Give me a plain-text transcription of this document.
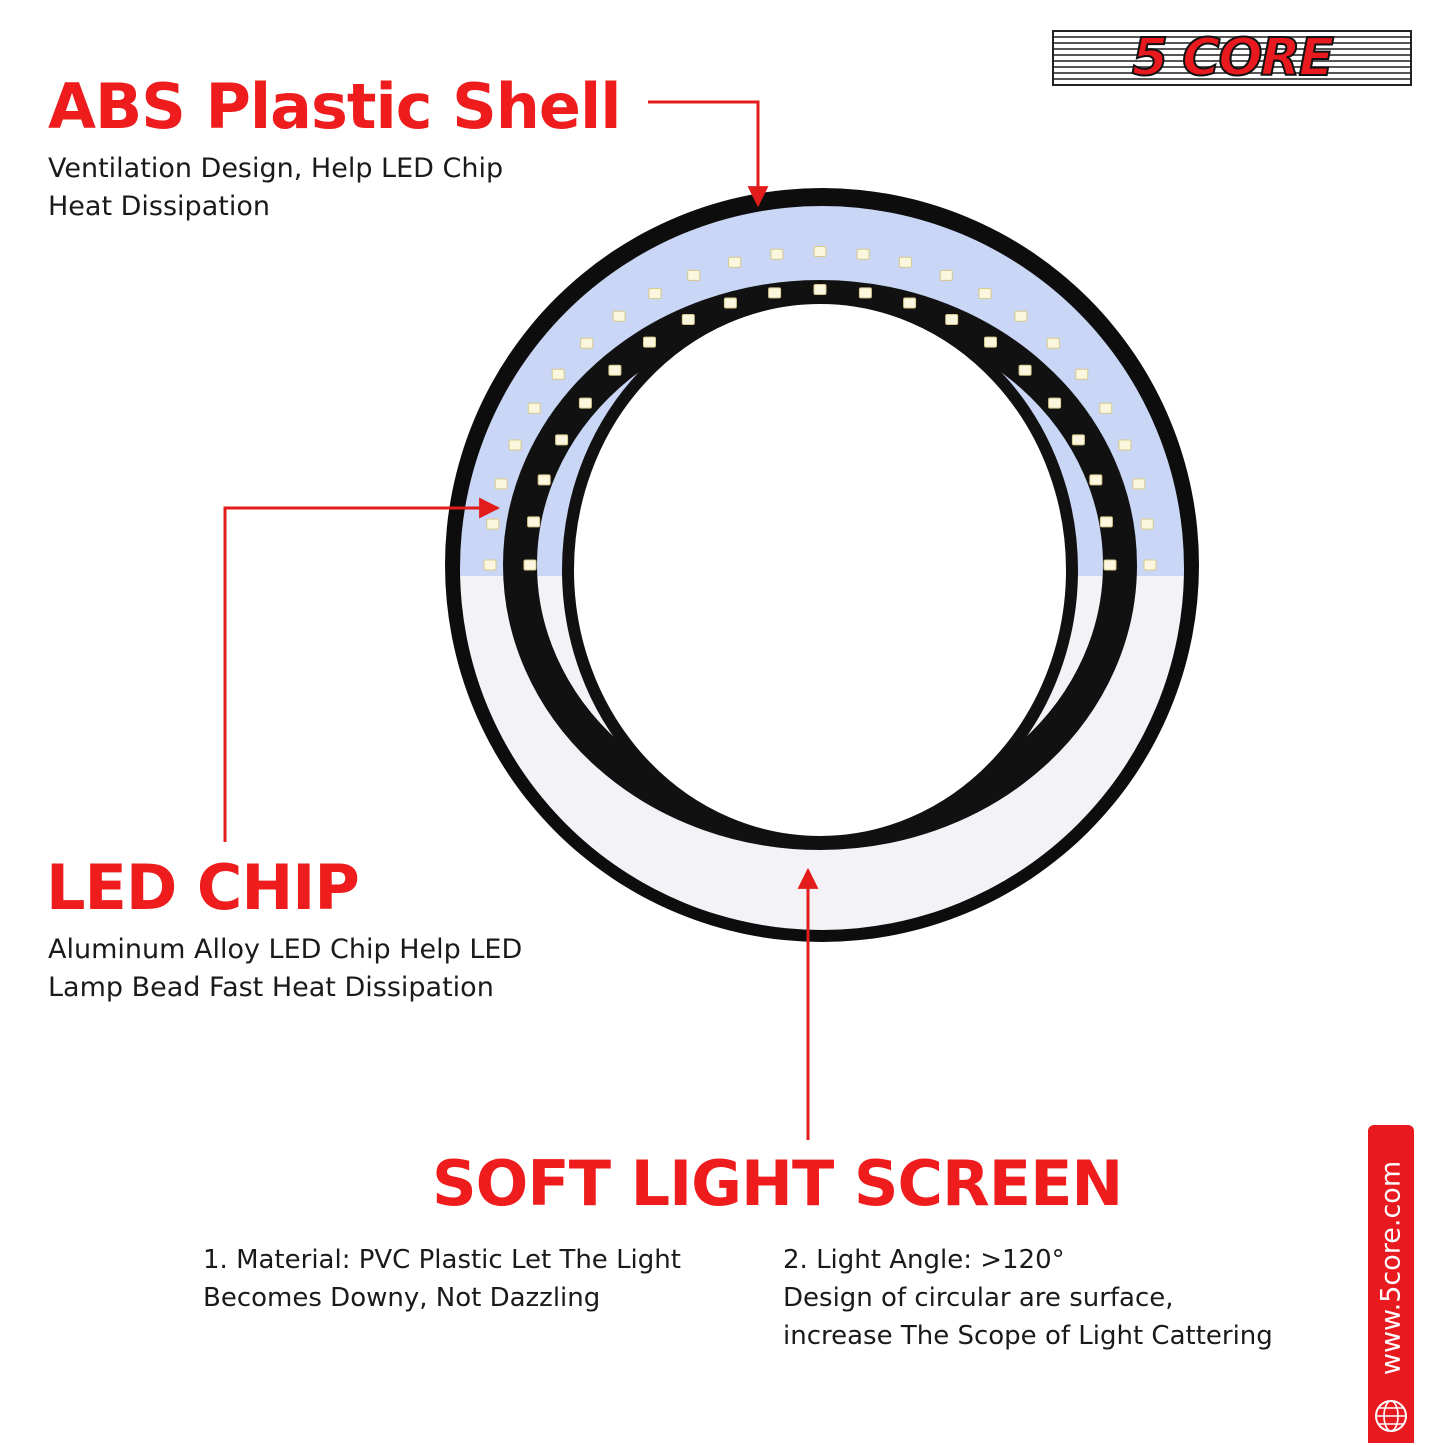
5 CORE
ABS Plastic Shell

Ventilation Design, Help LED Chip
Heat Dissipation

LED CHIP

Aluminum Alloy LED Chip Help LED
Lamp Bead Fast Heat Dissipation

SOFT LIGHT SCREEN

1. Material: PVC Plastic Let The Light
Becomes Downy, Not Dazzling

2. Light Angle: >120°
Design of circular are surface,
increase The Scope of Light Cattering	www.5core.com
